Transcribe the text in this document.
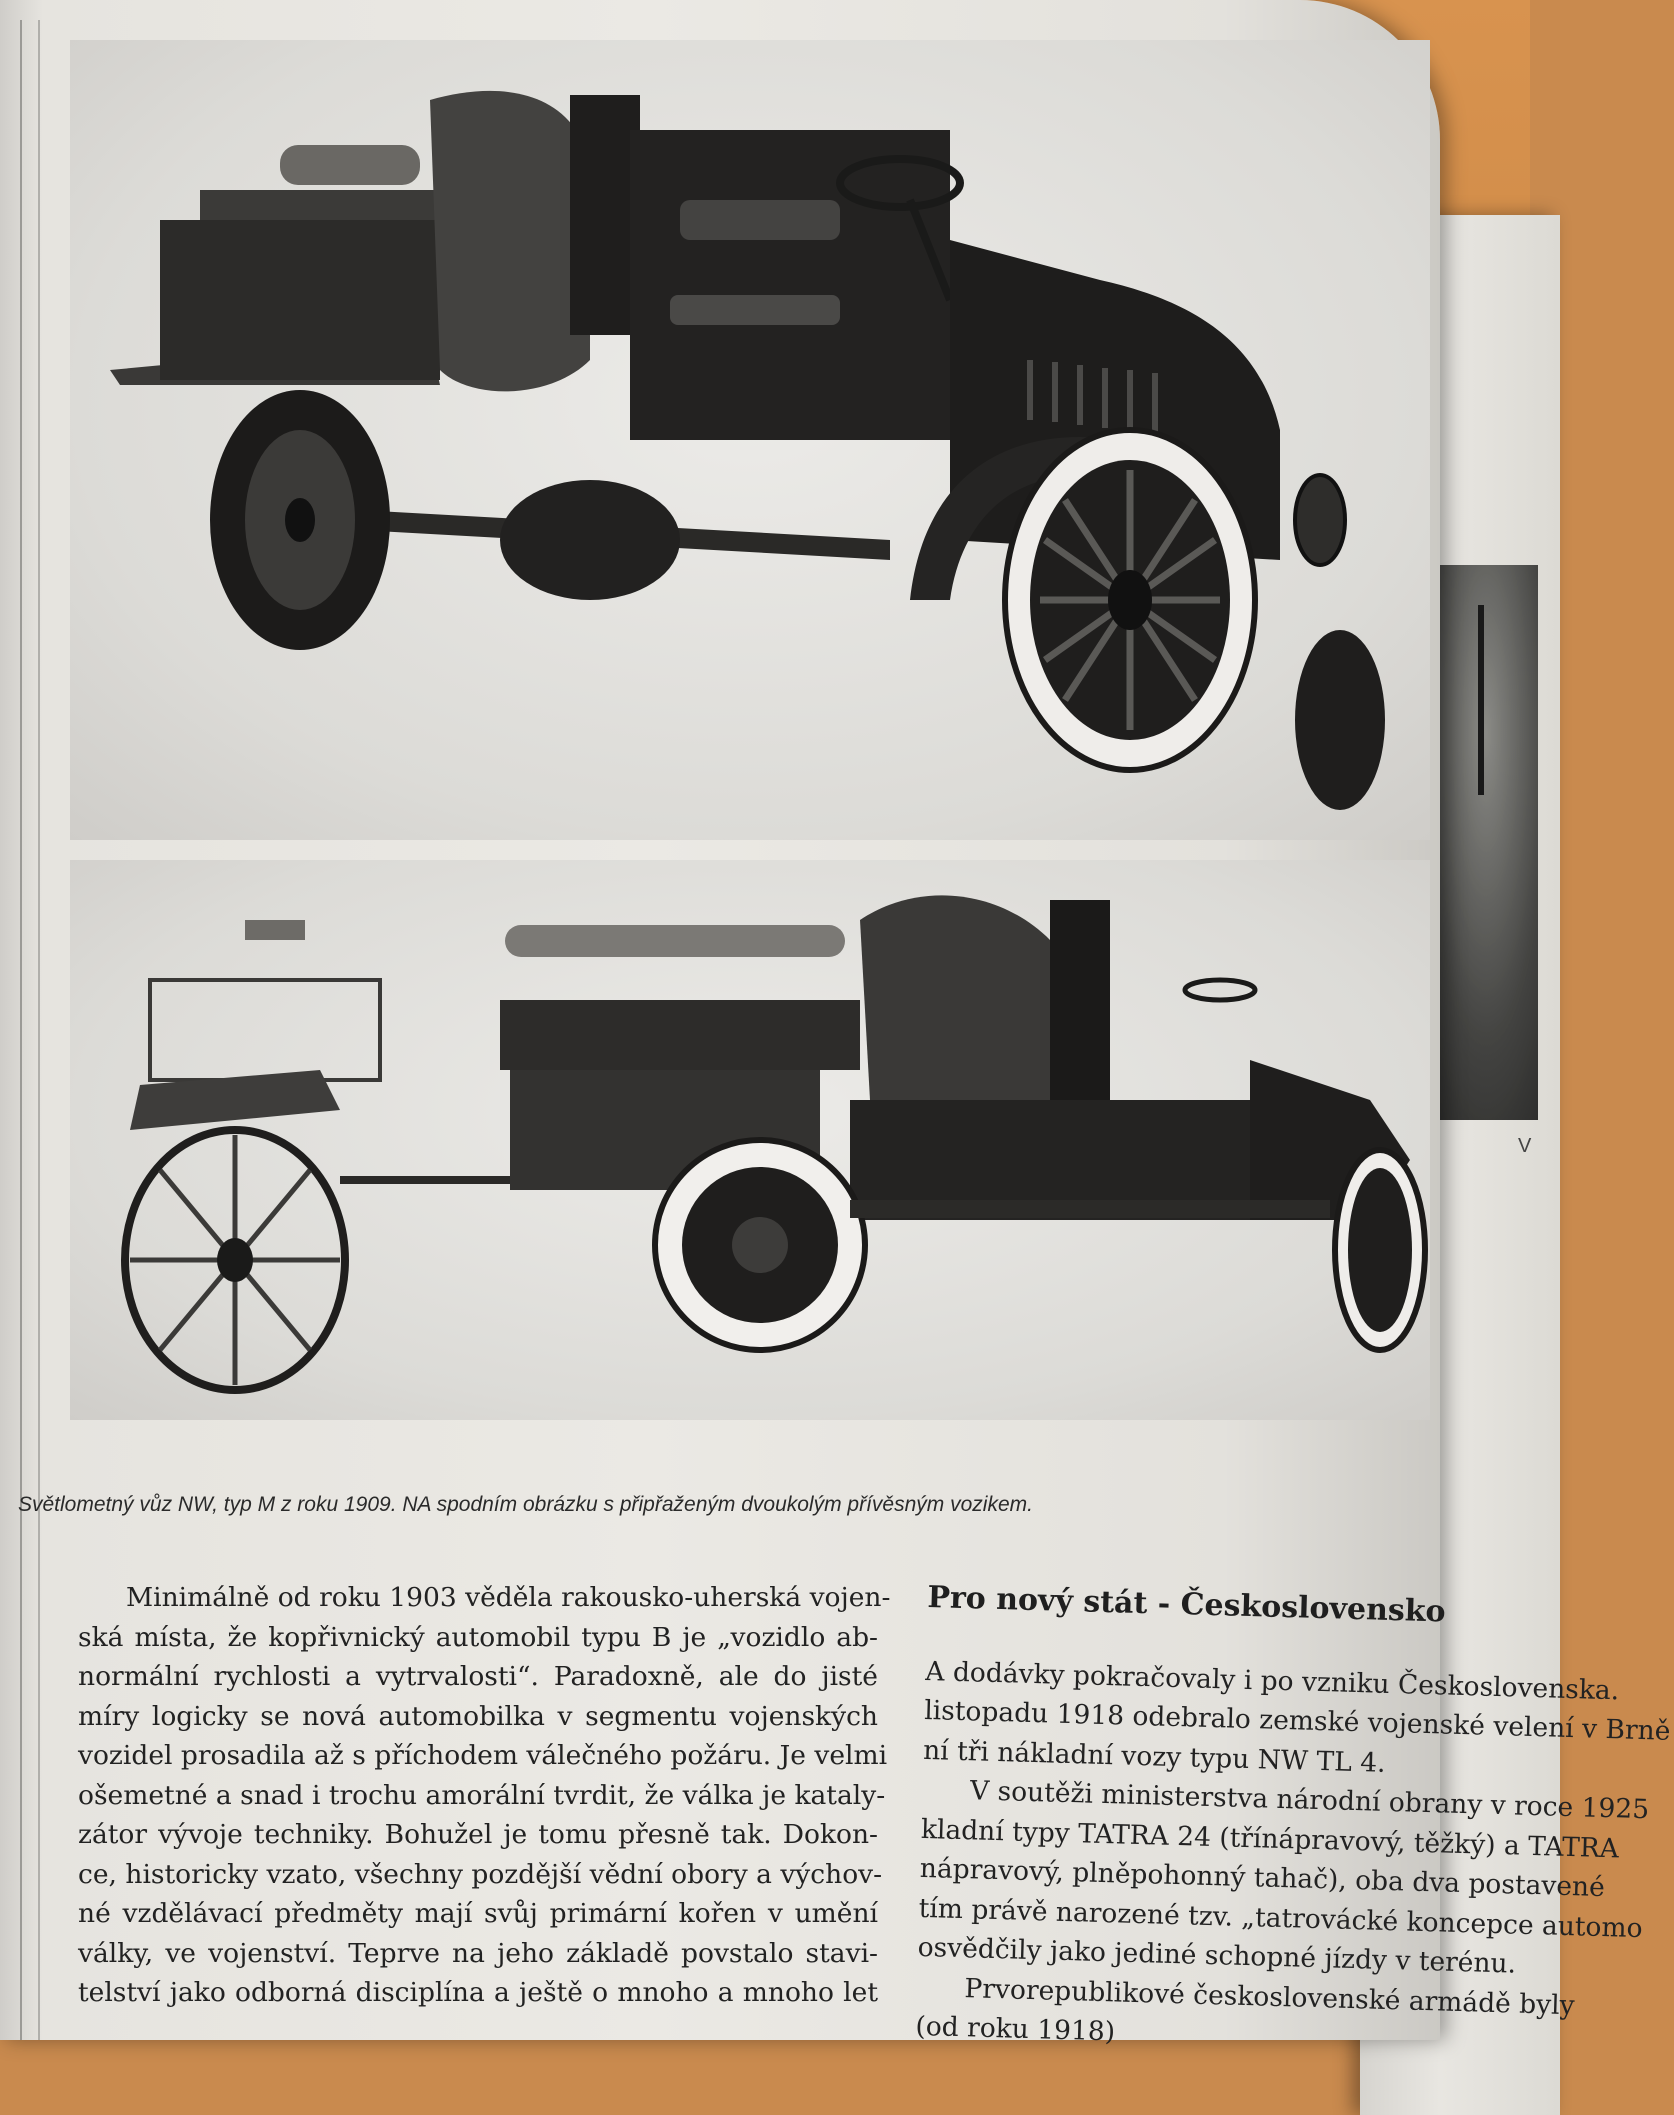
V
Světlometný vůz NW, typ M z roku 1909. NA spodním obrázku s připřaženým dvoukolým přívěsným vozikem.
Minimálně od roku 1903 věděla rakousko-uherská vojen-
ská místa, že kopřivnický automobil typu B je „vozidlo ab-
normální rychlosti a vytrvalosti“. Paradoxně, ale do jisté
míry logicky se nová automobilka v segmentu vojenských
vozidel prosadila až s příchodem válečného požáru. Je velmi
ošemetné a snad i trochu amorální tvrdit, že válka je kataly-
zátor vývoje techniky. Bohužel je tomu přesně tak. Dokon-
ce, historicky vzato, všechny pozdější vědní obory a výchov-
né vzdělávací předměty mají svůj primární kořen v umění
války, ve vojenství. Teprve na jeho základě povstalo stavi-
telství jako odborná disciplína a ještě o mnoho a mnoho let
Pro nový stát - Československo
A dodávky pokračovaly i po vzniku Československa.
listopadu 1918 odebralo zemské vojenské velení v Brně
ní tři nákladní vozy typu NW TL 4.
V soutěži ministerstva národní obrany v roce 1925
kladní typy TATRA 24 (třínápravový, těžký) a TATRA
nápravový, plněpohonný tahač), oba dva postavené
tím právě narozené tzv. „tatrovácké koncepce automo
osvědčily jako jediné schopné jízdy v terénu.
Prvorepublikové československé armádě byly
(od roku 1918)
